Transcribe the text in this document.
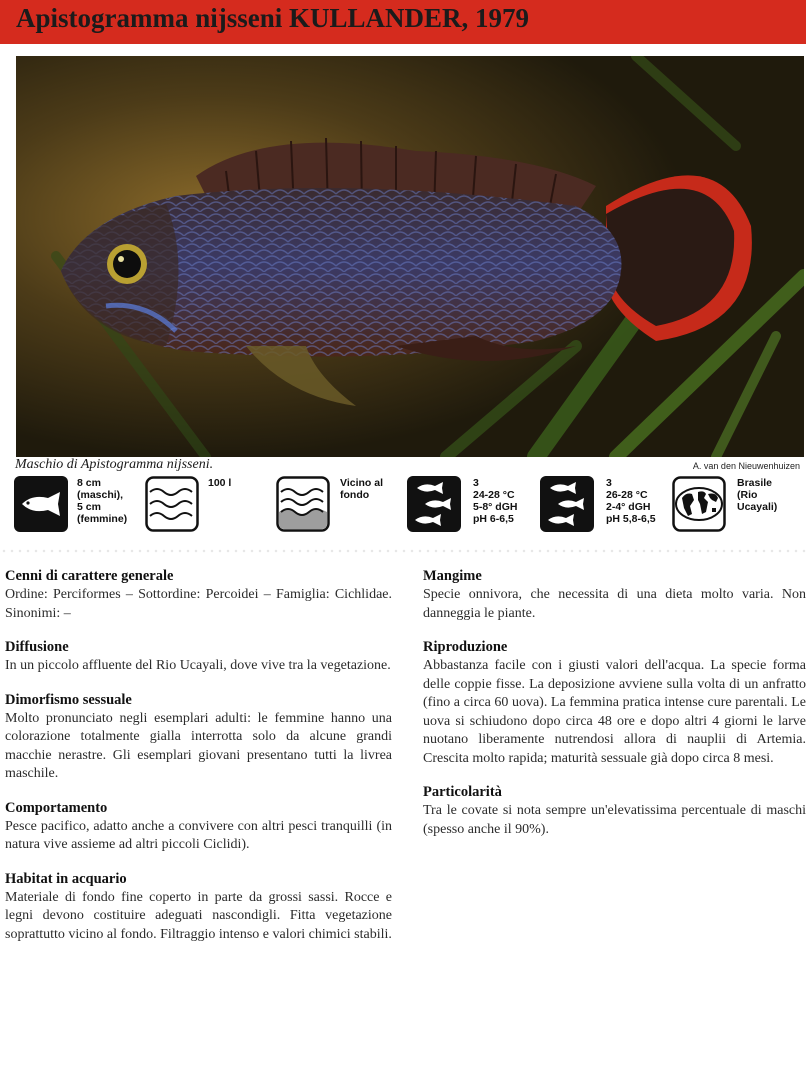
Apistogramma nijsseni KULLANDER, 1979
Maschio di Apistogramma nijsseni.	A. van den Nieuwenhuizen
8 cm
(maschi),
5 cm
(femmine)
100 l	Vicino al
fondo
3
24-28 °C
5-8° dGH
pH 6-6,5
3
26-28 °C
2-4° dGH
pH 5,8-6,5
Brasile
(Rio
Ucayali)
Cenni di carattere generale

Ordine: Perciformes – Sottordine: Percoidei – Famiglia: Cichlidae. Sinonimi: –

Diffusione

In un piccolo affluente del Rio Ucayali, dove vive tra la vegetazione.

Dimorfismo sessuale

Molto pronunciato negli esemplari adulti: le femmine hanno una colorazione totalmente gialla interrotta solo da alcune grandi macchie nerastre. Gli esemplari giovani presentano tutti la livrea maschile.

Comportamento

Pesce pacifico, adatto anche a convivere con altri pesci tranquilli (in natura vive assieme ad altri piccoli Ciclidi).

Habitat in acquario

Materiale di fondo fine coperto in parte da grossi sassi. Rocce e legni devono costituire adeguati nascondigli. Fitta vegetazione soprattutto vicino al fondo. Filtraggio intenso e valori chimici stabili.

Mangime

Specie onnivora, che necessita di una dieta molto varia. Non danneggia le piante.

Riproduzione

Abbastanza facile con i giusti valori dell'acqua. La specie forma delle coppie fisse. La deposizione avviene sulla volta di un anfratto (fino a circa 60 uova). La femmina pratica intense cure parentali. Le uova si schiudono dopo circa 48 ore e dopo altri 4 giorni le larve nuotano liberamente nutrendosi allora di nauplii di Artemia. Crescita molto rapida; maturità sessuale già dopo circa 8 mesi.

Particolarità

Tra le covate si nota sempre un'elevatissima percentuale di maschi (spesso anche il 90%).
